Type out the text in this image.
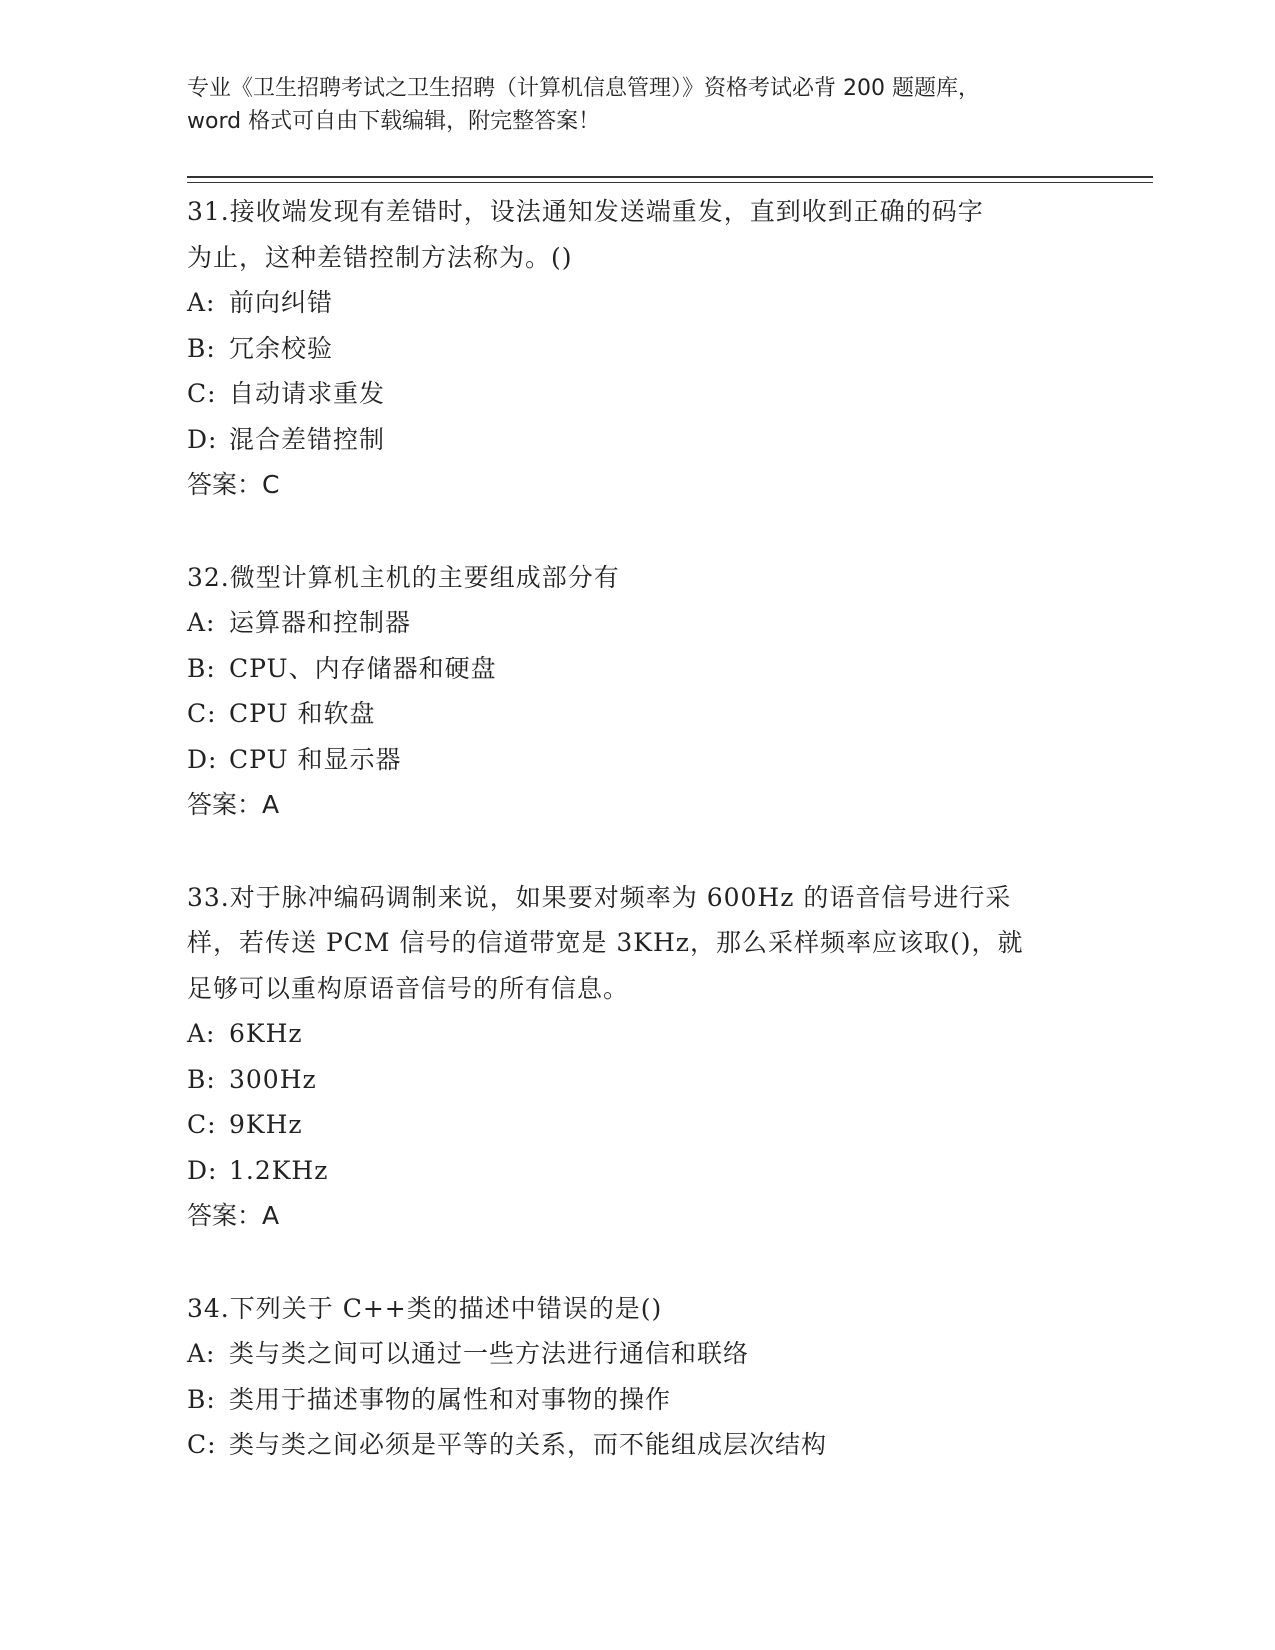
专业《卫生招聘考试之卫生招聘（计算机信息管理）》资格考试必背 200 题题库，
word 格式可自由下载编辑，附完整答案！
31.接收端发现有差错时，设法通知发送端重发，直到收到正确的码字
为止，这种差错控制方法称为。()
A: 前向纠错
B: 冗余校验
C: 自动请求重发
D: 混合差错控制
答案：C
32.微型计算机主机的主要组成部分有
A: 运算器和控制器
B: CPU、内存储器和硬盘
C: CPU 和软盘
D: CPU 和显示器
答案：A
33.对于脉冲编码调制来说，如果要对频率为 600Hz 的语音信号进行采
样，若传送 PCM 信号的信道带宽是 3KHz，那么采样频率应该取()，就
足够可以重构原语音信号的所有信息。
A: 6KHz
B: 300Hz
C: 9KHz
D: 1.2KHz
答案：A
34.下列关于 C++类的描述中错误的是()
A: 类与类之间可以通过一些方法进行通信和联络
B: 类用于描述事物的属性和对事物的操作
C: 类与类之间必须是平等的关系，而不能组成层次结构
